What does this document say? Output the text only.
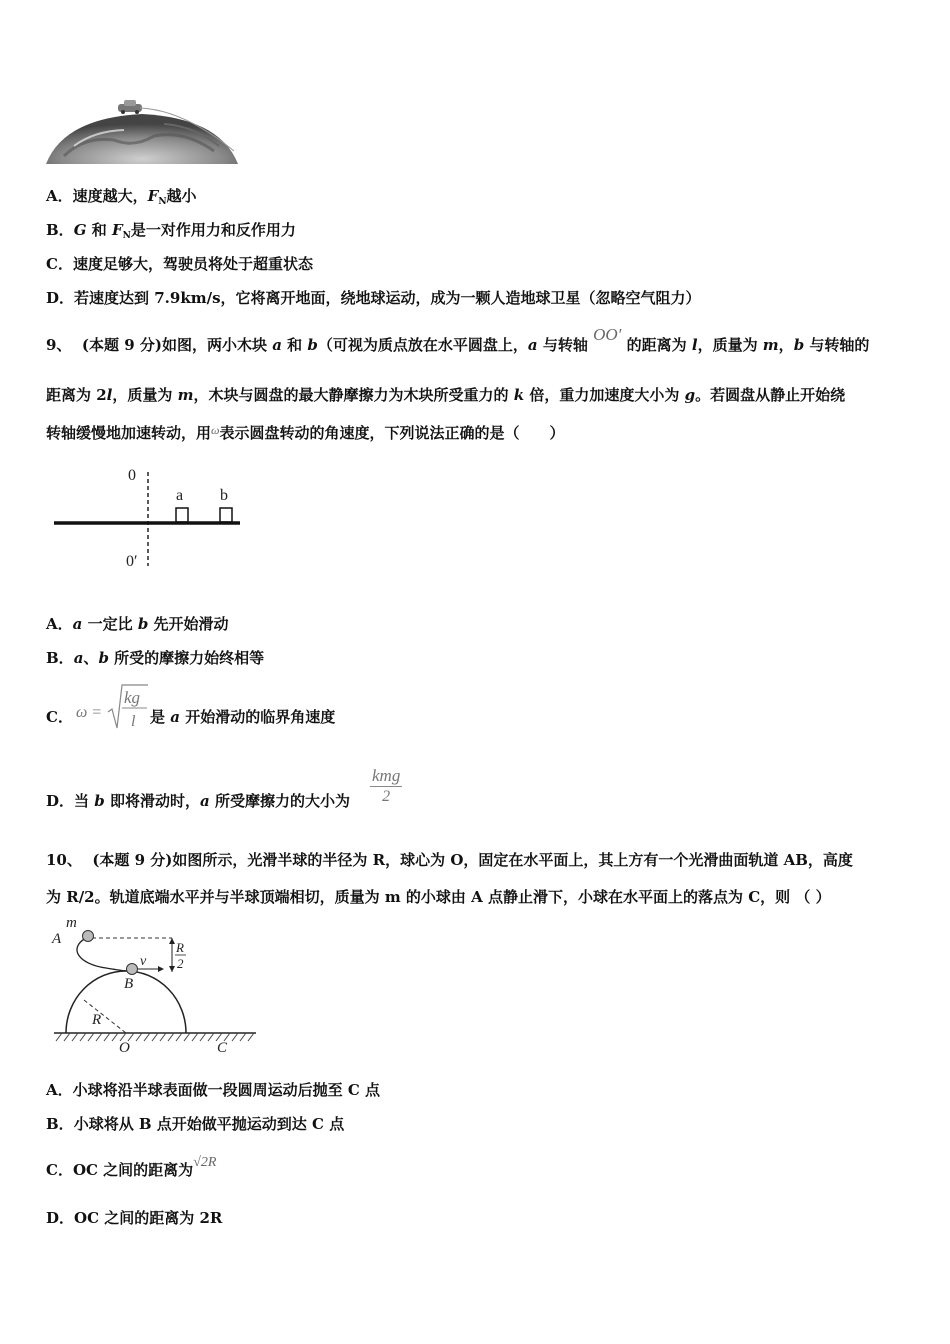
A．速度越大，$F_N$越小
B．G 和 $F_N$是一对作用力和反作用力
C．速度足够大，驾驶员将处于超重状态
D．若速度达到 7.9km/s，它将离开地面，绕地球运动，成为一颗人造地球卫星（忽略空气阻力）
9、 (本题 9 分)如图，两小木块 a 和 b（可视为质点放在水平圆盘上，a 与转轴 OO′ 的距离为 l，质量为 m，b 与转轴的
距离为 2l，质量为 m，木块与圆盘的最大静摩擦力为木块所受重力的 k 倍，重力加速度大小为 g。若圆盘从静止开始绕
转轴缓慢地加速转动，用$^\omega$表示圆盘转动的角速度，下列说法正确的是（　　）
0
a b
0′
A．a 一定比 b 先开始滑动
B．a、b 所受的摩擦力始终相等
C． ω =
kg
l 是 a 开始滑动的临界角速度
D．当 b 即将滑动时，a 所受摩擦力的大小为
kmg
2
10、 (本题 9 分)如图所示，光滑半球的半径为 R，球心为 O，固定在水平面上，其上方有一个光滑曲面轨道 AB，高度
为 R/2。轨道底端水平并与半球顶端相切，质量为 m 的小球由 A 点静止滑下，小球在水平面上的落点为 C，则 （ ）
m
A
v
B
R
2
R
O	C
A．小球将沿半球表面做一段圆周运动后抛至 C 点
B．小球将从 B 点开始做平抛运动到达 C 点
C．OC 之间的距离为√2R
D．OC 之间的距离为 2R
